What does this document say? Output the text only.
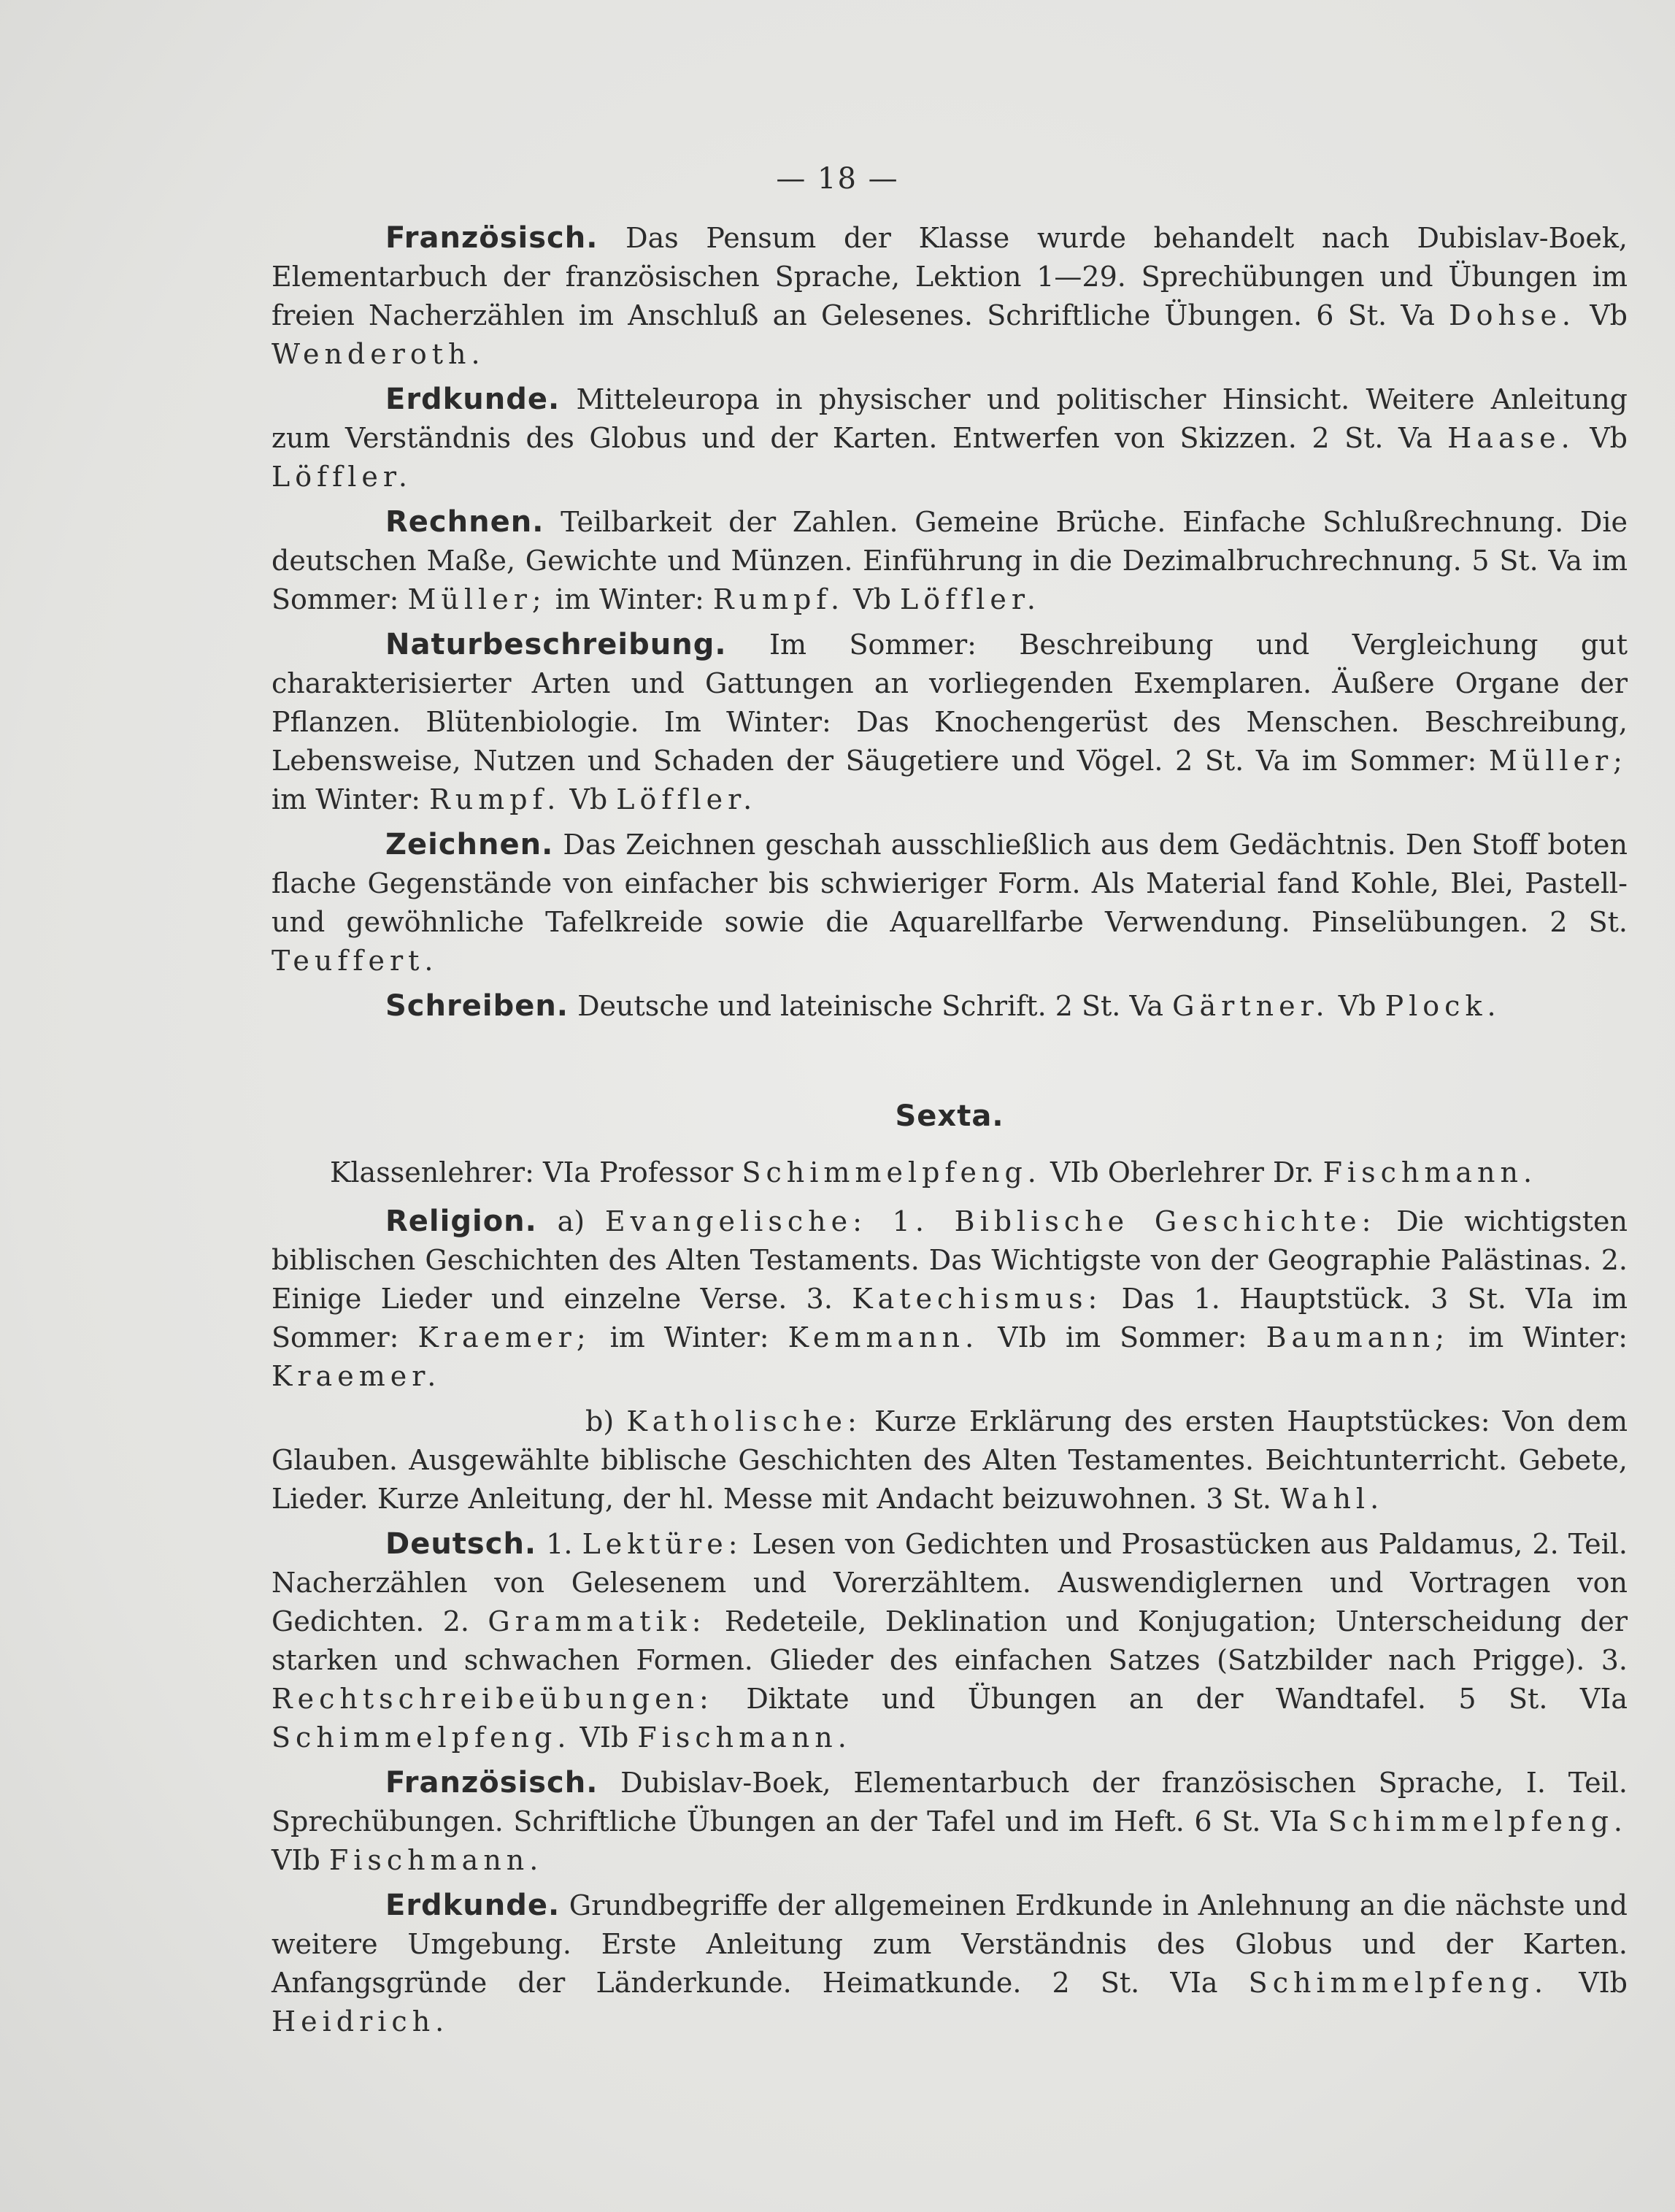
— 18 —

Französisch. Das Pensum der Klasse wurde behandelt nach Dubislav-Boek, Elementarbuch der französischen Sprache, Lektion 1—29. Sprechübungen und Übungen im freien Nacherzählen im Anschluß an Gelesenes. Schriftliche Übungen. 6 St. Va Dohse. Vb Wenderoth.

Erdkunde. Mitteleuropa in physischer und politischer Hinsicht. Weitere Anleitung zum Verständnis des Globus und der Karten. Entwerfen von Skizzen. 2 St. Va Haase. Vb Löffler.

Rechnen. Teilbarkeit der Zahlen. Gemeine Brüche. Einfache Schlußrechnung. Die deutschen Maße, Gewichte und Münzen. Einführung in die Dezimalbruchrechnung. 5 St. Va im Sommer: Müller; im Winter: Rumpf. Vb Löffler.

Naturbeschreibung. Im Sommer: Beschreibung und Vergleichung gut charakterisierter Arten und Gattungen an vorliegenden Exemplaren. Äußere Organe der Pflanzen. Blütenbiologie. Im Winter: Das Knochengerüst des Menschen. Beschreibung, Lebensweise, Nutzen und Schaden der Säugetiere und Vögel. 2 St. Va im Sommer: Müller; im Winter: Rumpf. Vb Löffler.

Zeichnen. Das Zeichnen geschah ausschließlich aus dem Gedächtnis. Den Stoff boten flache Gegenstände von einfacher bis schwieriger Form. Als Material fand Kohle, Blei, Pastell- und gewöhnliche Tafelkreide sowie die Aquarellfarbe Verwendung. Pinselübungen. 2 St. Teuffert.

Schreiben. Deutsche und lateinische Schrift. 2 St. Va Gärtner. Vb Plock.

Sexta.

Klassenlehrer: VIa Professor Schimmelpfeng. VIb Oberlehrer Dr. Fischmann.

Religion. a) Evangelische: 1. Biblische Geschichte: Die wichtigsten biblischen Geschichten des Alten Testaments. Das Wichtigste von der Geographie Palästinas. 2. Einige Lieder und einzelne Verse. 3. Katechismus: Das 1. Hauptstück. 3 St. VIa im Sommer: Kraemer; im Winter: Kemmann. VIb im Sommer: Baumann; im Winter: Kraemer.

b) Katholische: Kurze Erklärung des ersten Hauptstückes: Von dem Glauben. Ausgewählte biblische Geschichten des Alten Testamentes. Beichtunterricht. Gebete, Lieder. Kurze Anleitung, der hl. Messe mit Andacht beizuwohnen. 3 St. Wahl.

Deutsch. 1. Lektüre: Lesen von Gedichten und Prosastücken aus Paldamus, 2. Teil. Nacherzählen von Gelesenem und Vorerzähltem. Auswendiglernen und Vortragen von Gedichten. 2. Grammatik: Redeteile, Deklination und Konjugation; Unterscheidung der starken und schwachen Formen. Glieder des einfachen Satzes (Satzbilder nach Prigge). 3. Rechtschreibeübungen: Diktate und Übungen an der Wandtafel. 5 St. VIa Schimmelpfeng. VIb Fischmann.

Französisch. Dubislav-Boek, Elementarbuch der französischen Sprache, I. Teil. Sprechübungen. Schriftliche Übungen an der Tafel und im Heft. 6 St. VIa Schimmelpfeng. VIb Fischmann.

Erdkunde. Grundbegriffe der allgemeinen Erdkunde in Anlehnung an die nächste und weitere Umgebung. Erste Anleitung zum Verständnis des Globus und der Karten. Anfangsgründe der Länderkunde. Heimatkunde. 2 St. VIa Schimmelpfeng. VIb Heidrich.
